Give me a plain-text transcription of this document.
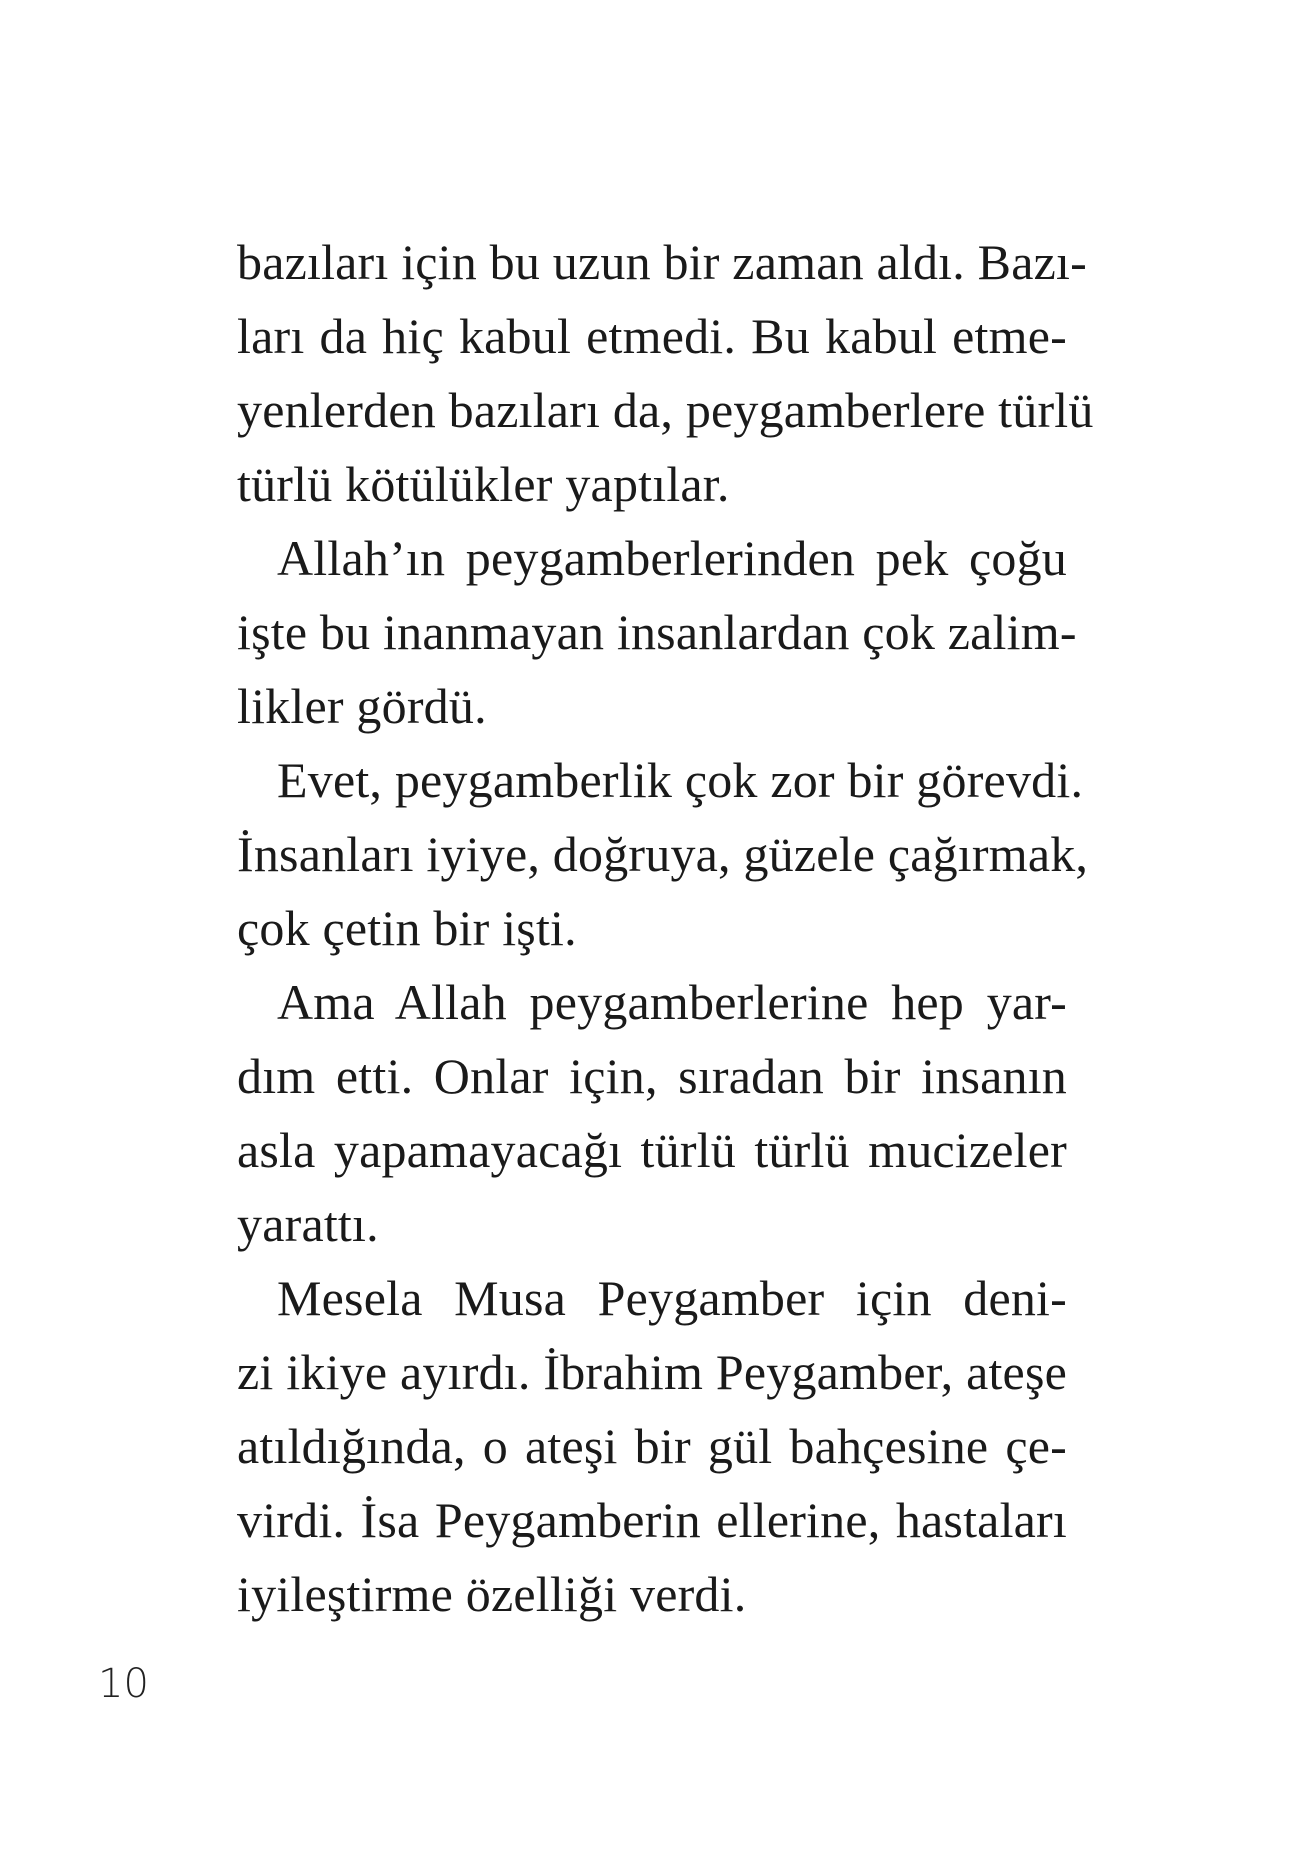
bazıları için bu uzun bir zaman aldı. Bazı-
ları da hiç kabul etmedi. Bu kabul etme-
yenlerden bazıları da, peygamberlere türlü
türlü kötülükler yaptılar.
Allah’ın peygamberlerinden pek çoğu
işte bu inanmayan insanlardan çok zalim-
likler gördü.
Evet, peygamberlik çok zor bir görevdi.
İnsanları iyiye, doğruya, güzele çağırmak,
çok çetin bir işti.
Ama Allah peygamberlerine hep yar-
dım etti. Onlar için, sıradan bir insanın
asla yapamayacağı türlü türlü mucizeler
yarattı.
Mesela Musa Peygamber için deni-
zi ikiye ayırdı. İbrahim Peygamber, ateşe
atıldığında, o ateşi bir gül bahçesine çe-
virdi. İsa Peygamberin ellerine, hastaları
iyileştirme özelliği verdi.
10
